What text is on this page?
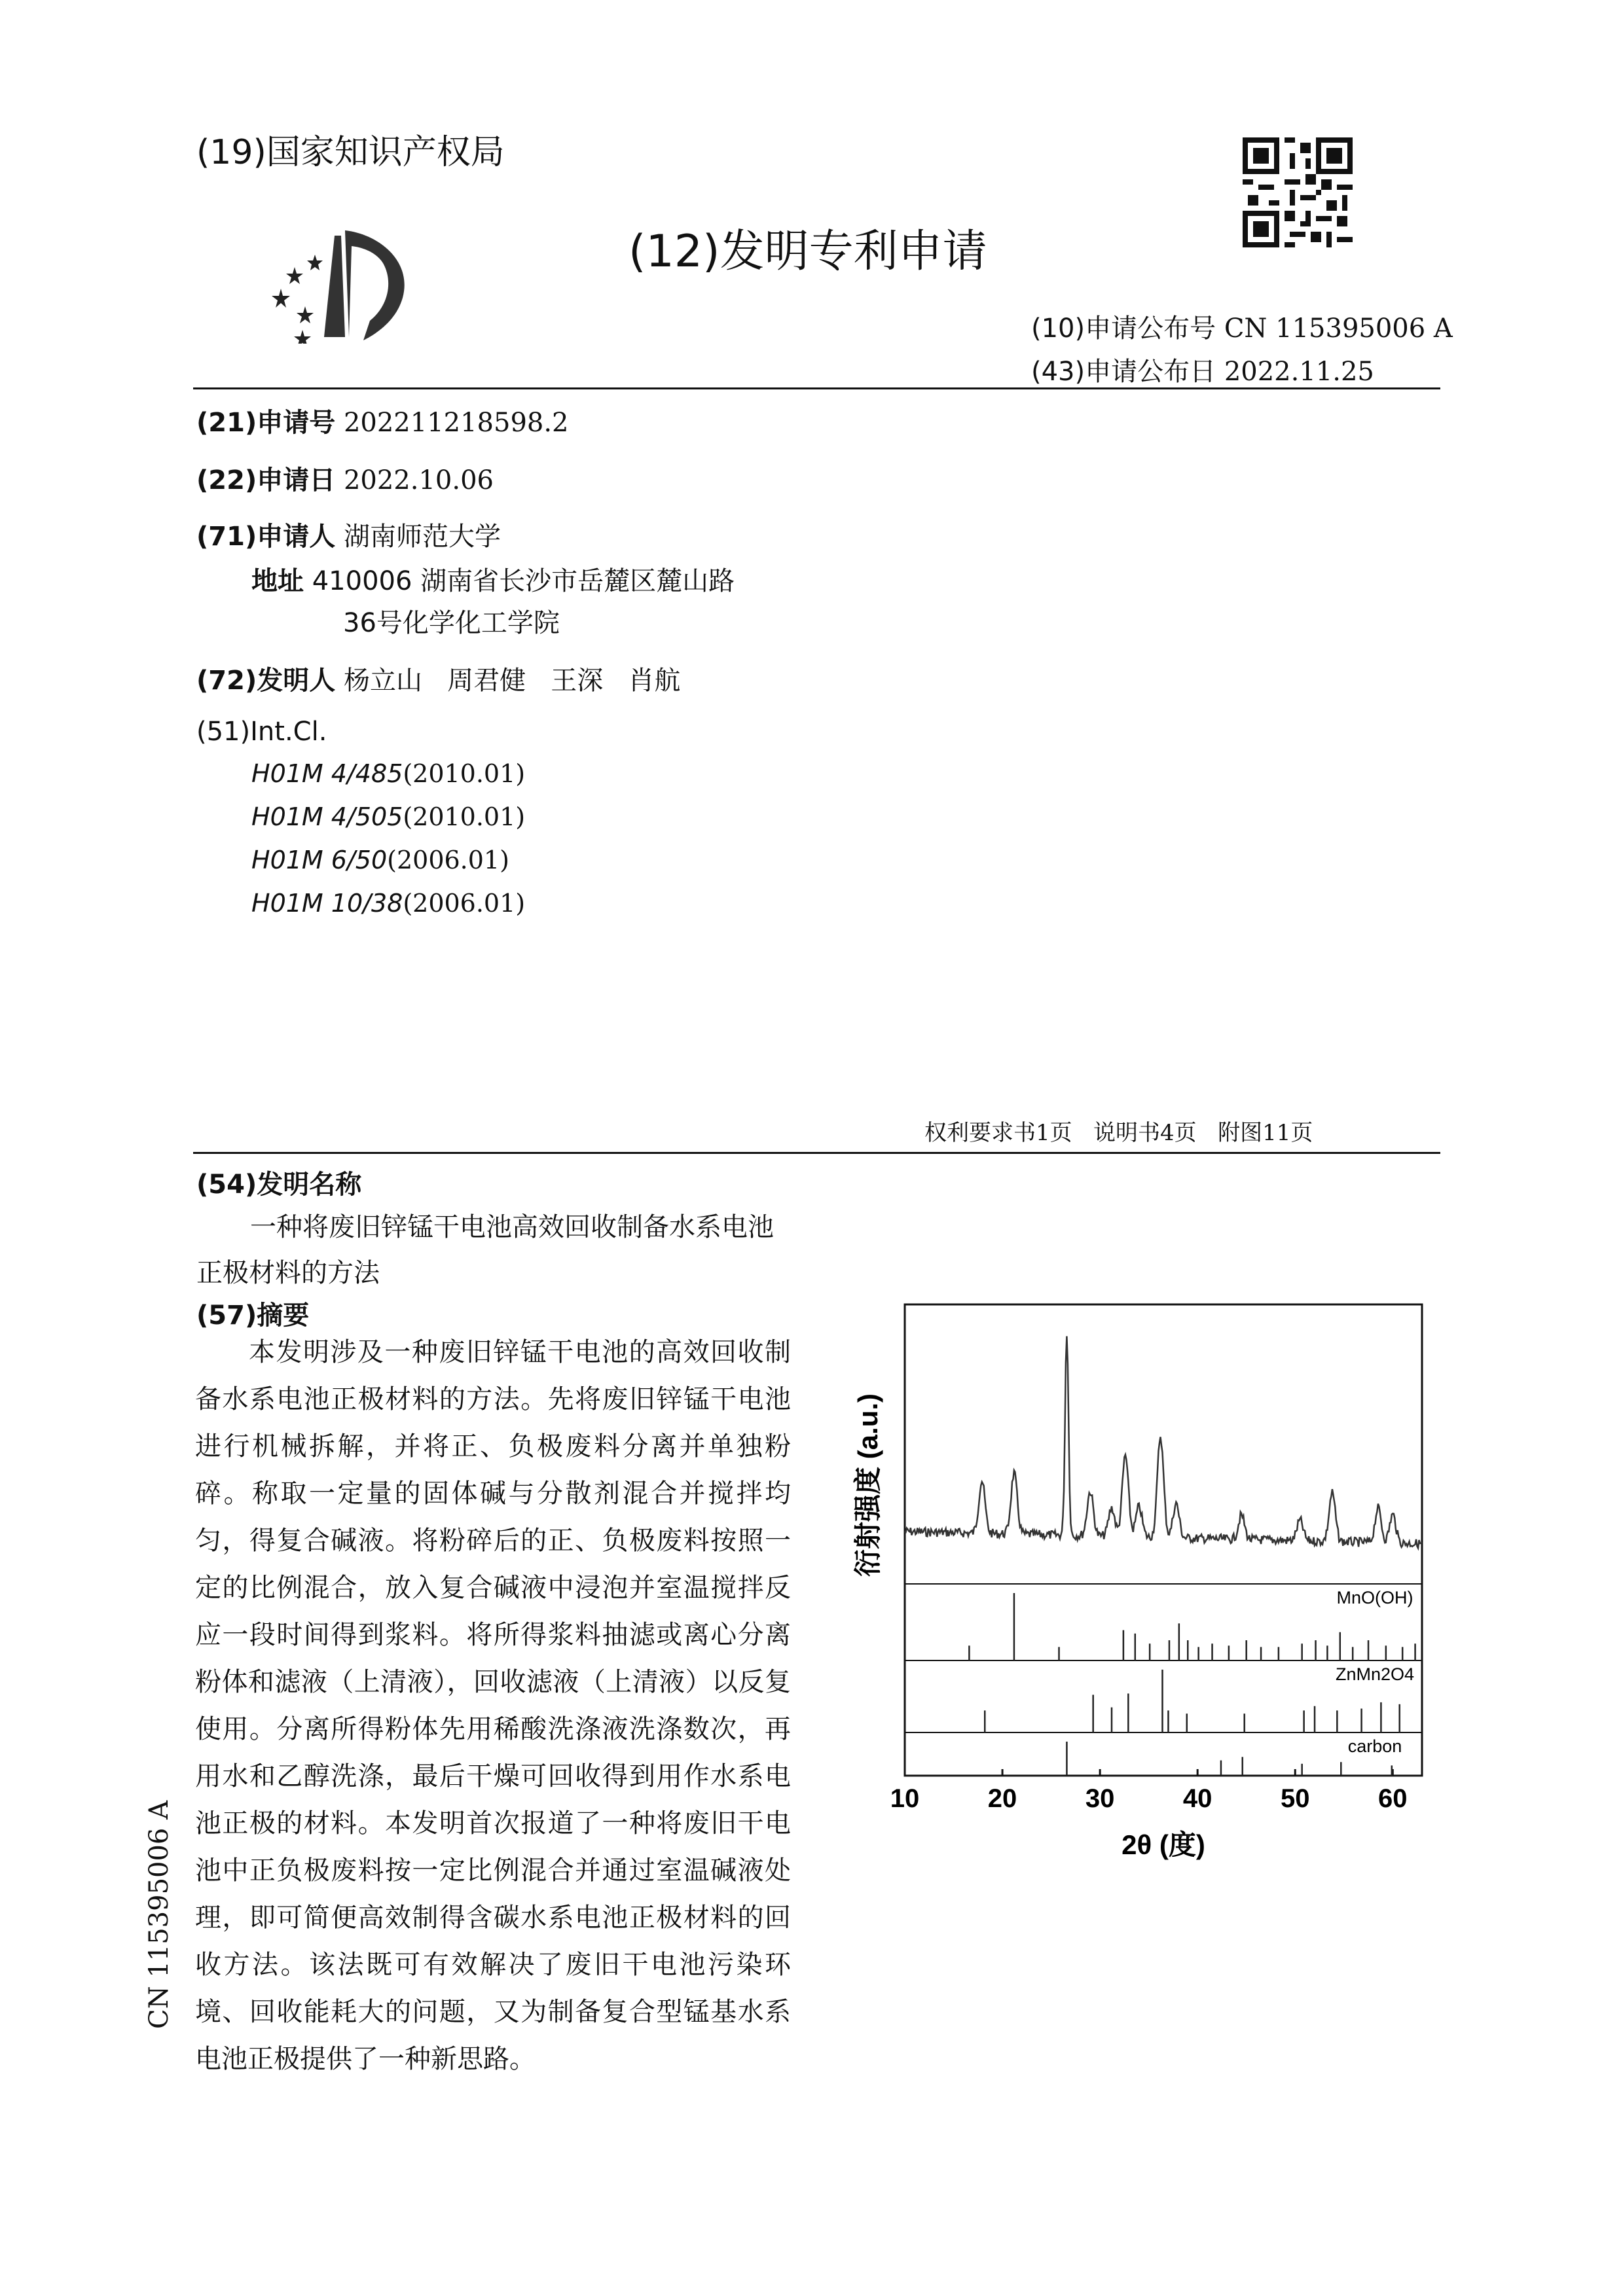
(19)国家知识产权局
(12)发明专利申请
(10)申请公布号 CN 115395006 A
(43)申请公布日 2022.11.25
(21)申请号 202211218598.2
(22)申请日 2022.10.06
(71)申请人 湖南师范大学
地址 410006 湖南省长沙市岳麓区麓山路
36号化学化工学院
(72)发明人 杨立山   周君健   王深   肖航
(51)Int.Cl.
H01M 4/485(2010.01)
H01M 4/505(2010.01)
H01M 6/50(2006.01)
H01M 10/38(2006.01)
权利要求书1页   说明书4页   附图11页
(54)发明名称
一种将废旧锌锰干电池高效回收制备水系电池正极材料的方法
(57)摘要
本发明涉及一种废旧锌锰干电池的高效回收制备水系电池正极材料的方法。先将废旧锌锰干电池进行机械拆解，并将正、负极废料分离并单独粉碎。称取一定量的固体碱与分散剂混合并搅拌均匀，得复合碱液。将粉碎后的正、负极废料按照一定的比例混合，放入复合碱液中浸泡并室温搅拌反应一段时间得到浆料。将所得浆料抽滤或离心分离粉体和滤液（上清液），回收滤液（上清液）以反复使用。分离所得粉体先用稀酸洗涤液洗涤数次，再用水和乙醇洗涤，最后干燥可回收得到用作水系电池正极的材料。本发明首次报道了一种将废旧干电池中正负极废料按一定比例混合并通过室温碱液处理，即可简便高效制得含碳水系电池正极材料的回收方法。该法既可有效解决了废旧干电池污染环境、回收能耗大的问题，又为制备复合型锰基水系电池正极提供了一种新思路。
CN 115395006 A
10	20	30	40	50	60
MnO(OH)
ZnMn2O4
carbon
2θ (度)
衍射强度 (a.u.)
